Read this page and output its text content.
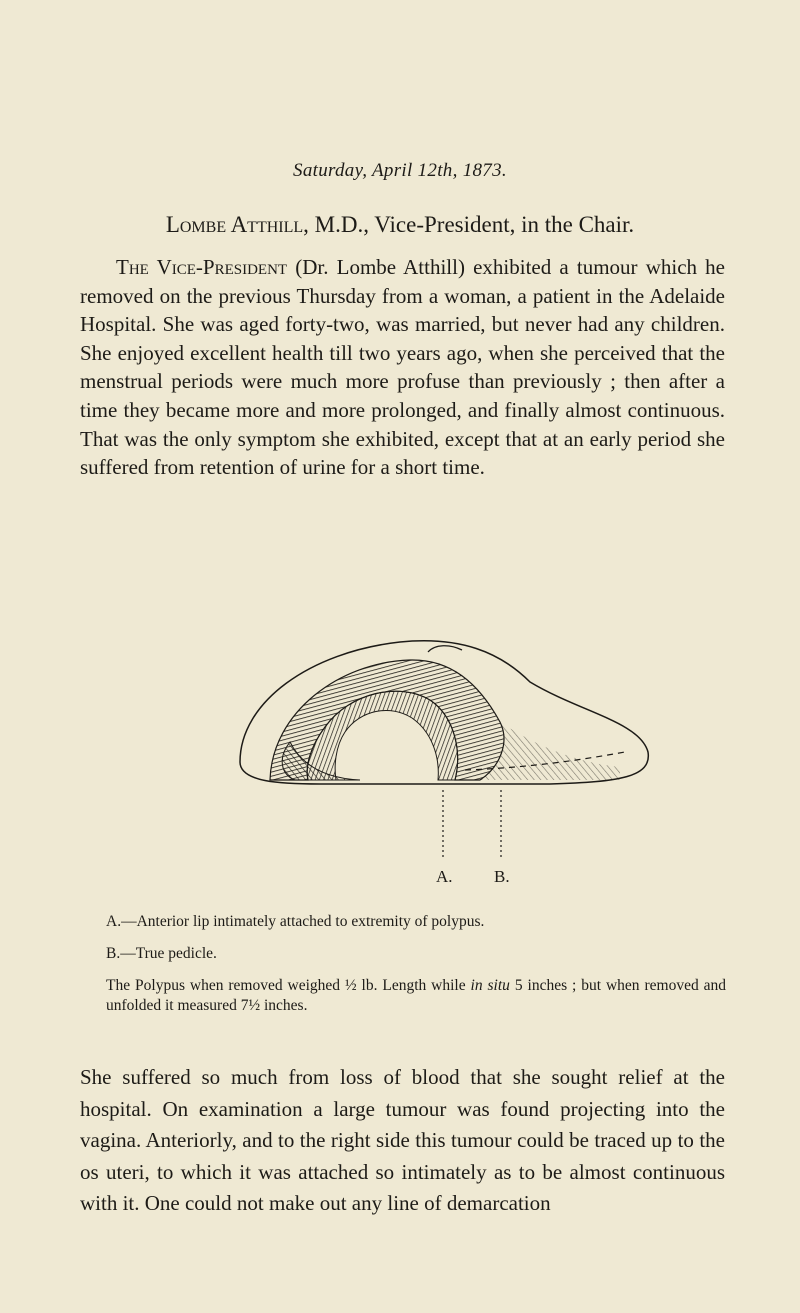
Saturday, April 12th, 1873.
Lombe Atthill, M.D., Vice-President, in the Chair.

The Vice-President (Dr. Lombe Atthill) exhibited a tumour which he removed on the previous Thursday from a woman, a patient in the Adelaide Hospital. She was aged forty-two, was married, but never had any children. She enjoyed excellent health till two years ago, when she perceived that the menstrual periods were much more profuse than previously ; then after a time they became more and more prolonged, and finally almost continuous. That was the only symptom she exhibited, except that at an early period she suffered from retention of urine for a short time.

A. B.

A.—Anterior lip intimately attached to extremity of polypus.

B.—True pedicle.

The Polypus when removed weighed ½ lb. Length while in situ 5 inches ; but when removed and unfolded it measured 7½ inches.

She suffered so much from loss of blood that she sought relief at the hospital. On examination a large tumour was found projecting into the vagina. Anteriorly, and to the right side this tumour could be traced up to the os uteri, to which it was attached so intimately as to be almost continuous with it. One could not make out any line of demarcation
